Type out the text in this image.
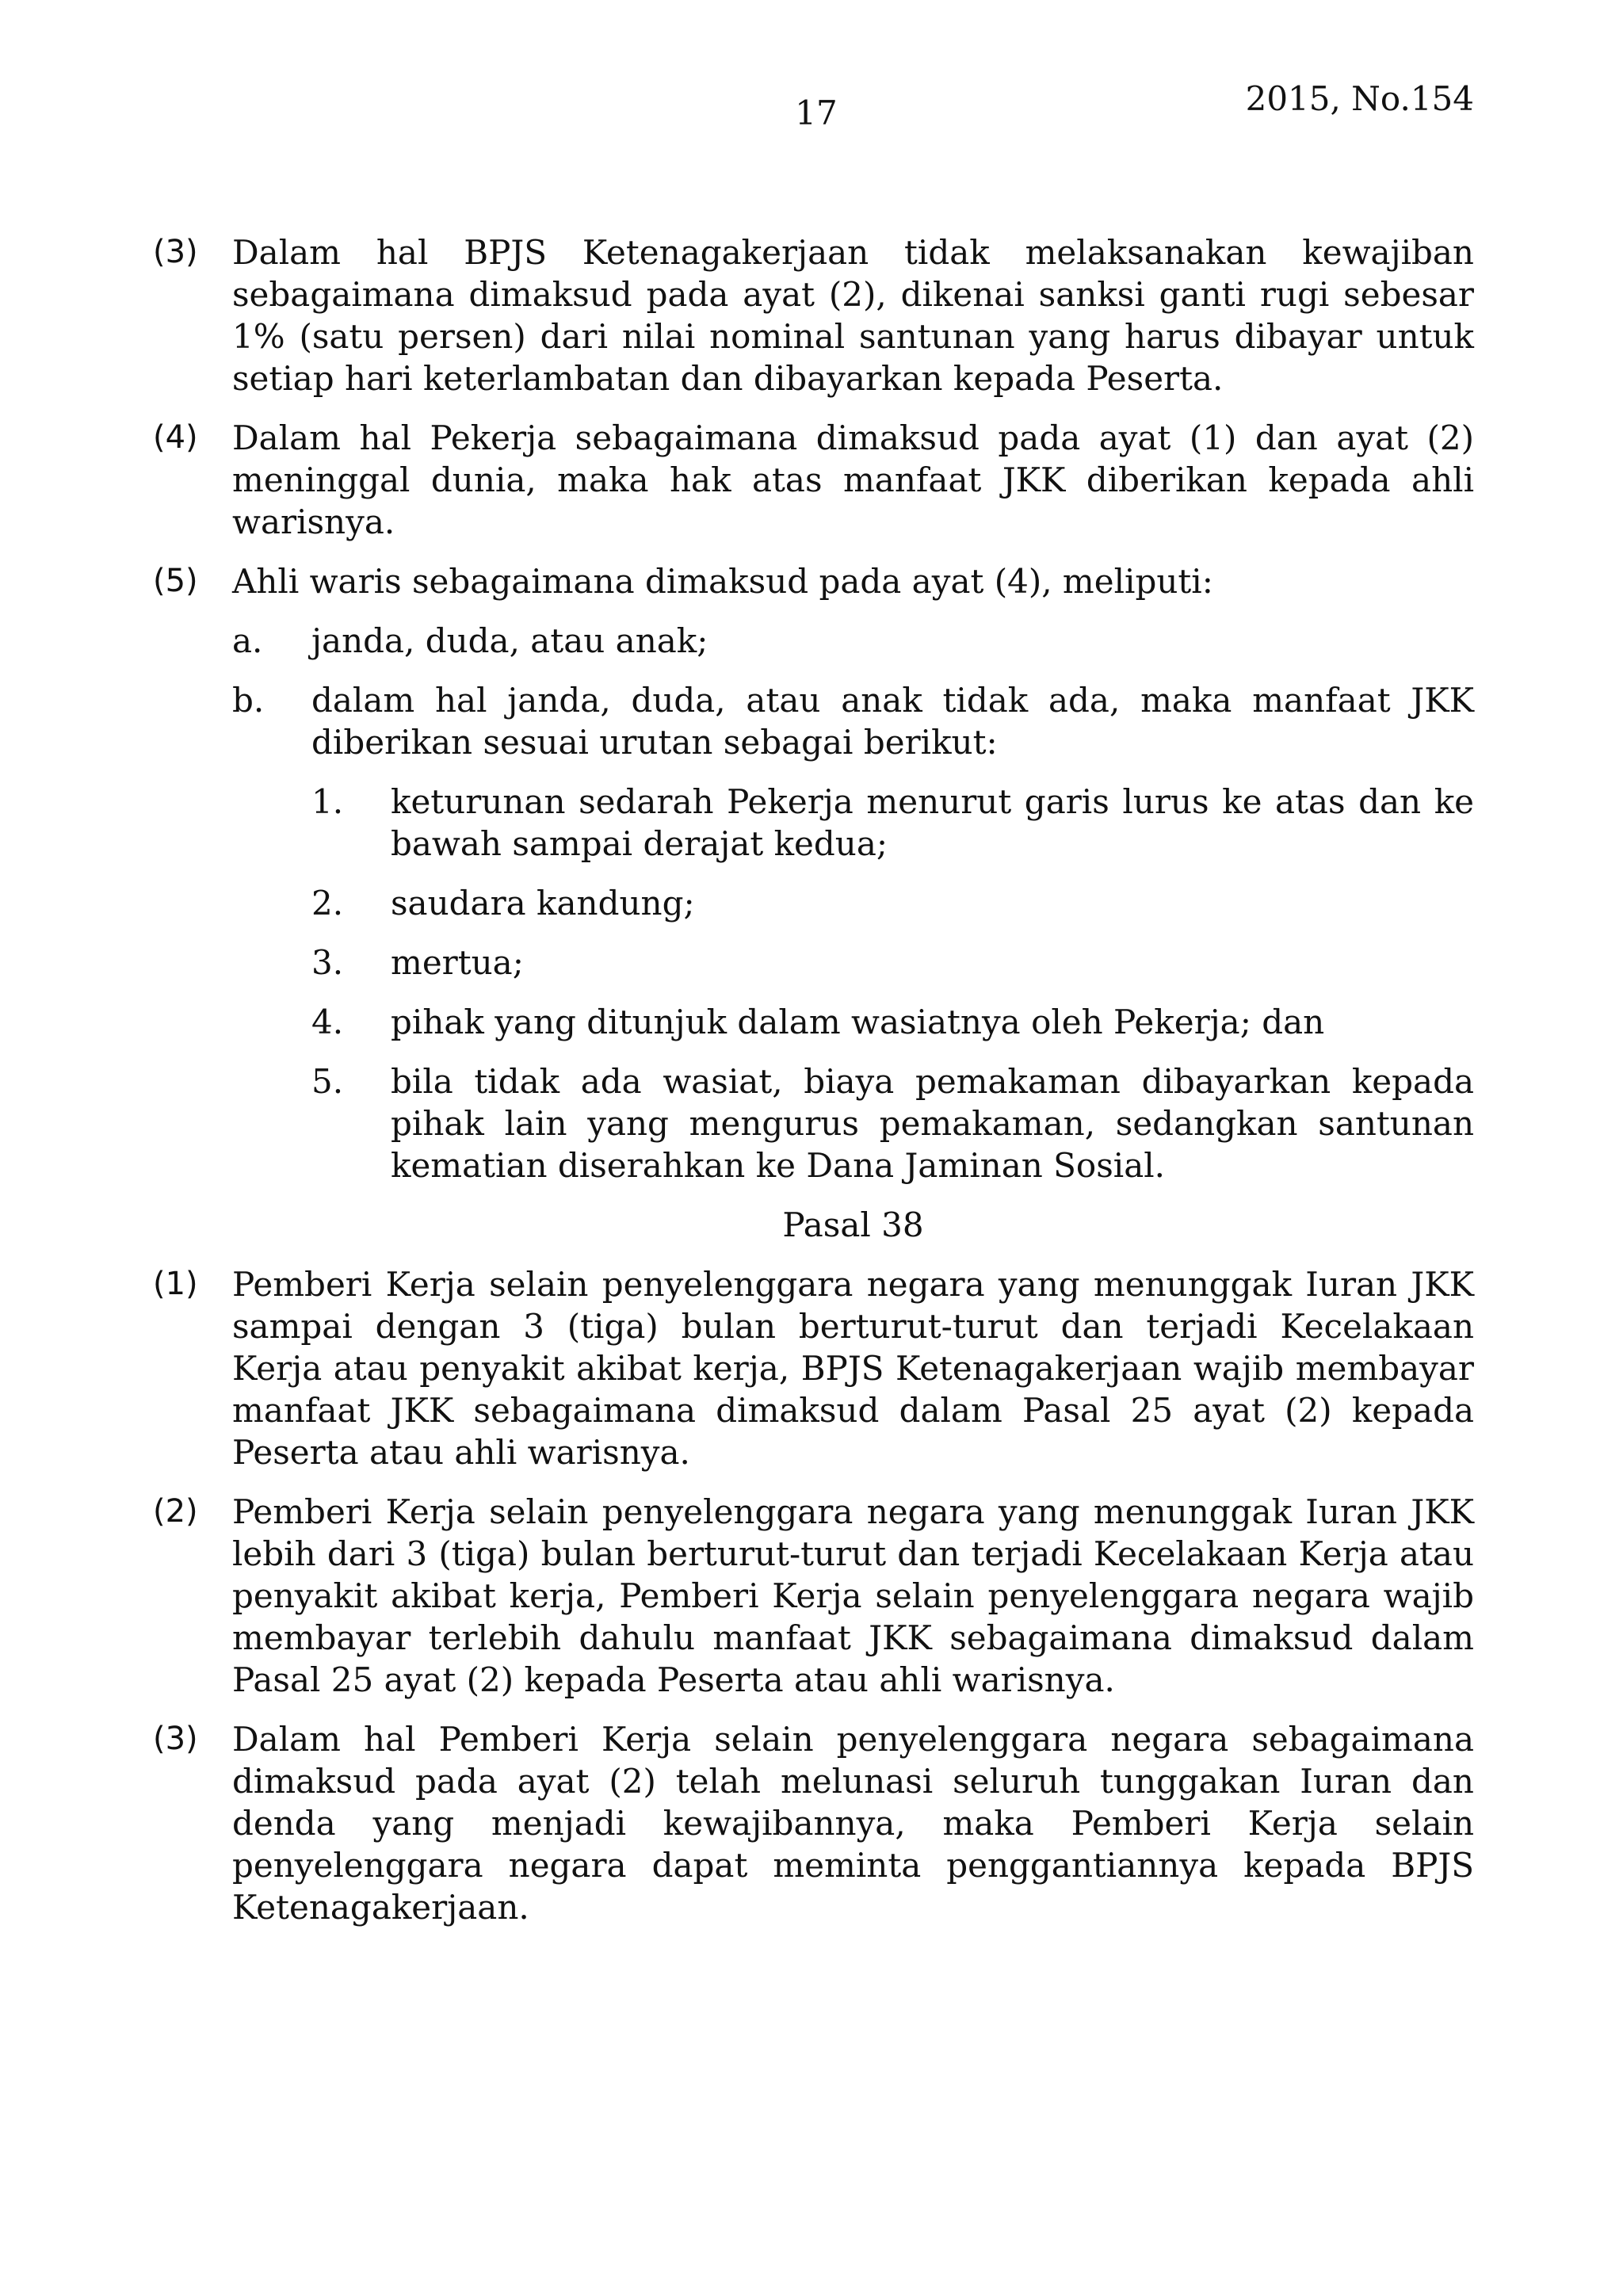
17	2015, No.154
(3)	Dalam hal BPJS Ketenagakerjaan tidak melaksanakan kewajiban sebagaimana dimaksud pada ayat (2), dikenai sanksi ganti rugi sebesar 1% (satu persen) dari nilai nominal santunan yang harus dibayar untuk setiap hari keterlambatan dan dibayarkan kepada Peserta.
(4)	Dalam hal Pekerja sebagaimana dimaksud pada ayat (1) dan ayat (2) meninggal dunia, maka hak atas manfaat JKK diberikan kepada ahli warisnya.
(5)	Ahli waris sebagaimana dimaksud pada ayat (4), meliputi:
a.	janda, duda, atau anak;
b.	dalam hal janda, duda, atau anak tidak ada, maka manfaat JKK diberikan sesuai urutan sebagai berikut:
1.	keturunan sedarah Pekerja menurut garis lurus ke atas dan ke bawah sampai derajat kedua;
2.	saudara kandung;
3.	mertua;
4.	pihak yang ditunjuk dalam wasiatnya oleh Pekerja; dan
5.	bila tidak ada wasiat, biaya pemakaman dibayarkan kepada pihak lain yang mengurus pemakaman, sedangkan santunan kematian diserahkan ke Dana Jaminan Sosial.
Pasal 38
(1)	Pemberi Kerja selain penyelenggara negara yang menunggak Iuran JKK sampai dengan 3 (tiga) bulan berturut-turut dan terjadi Kecelakaan Kerja atau penyakit akibat kerja, BPJS Ketenagakerjaan wajib membayar manfaat JKK sebagaimana dimaksud dalam Pasal 25 ayat (2) kepada Peserta atau ahli warisnya.
(2)	Pemberi Kerja selain penyelenggara negara yang menunggak Iuran JKK lebih dari 3 (tiga) bulan berturut-turut dan terjadi Kecelakaan Kerja atau penyakit akibat kerja, Pemberi Kerja selain penyelenggara negara wajib membayar terlebih dahulu manfaat JKK sebagaimana dimaksud dalam Pasal 25 ayat (2) kepada Peserta atau ahli warisnya.
(3)	Dalam hal Pemberi Kerja selain penyelenggara negara sebagaimana dimaksud pada ayat (2) telah melunasi seluruh tunggakan Iuran dan denda yang menjadi kewajibannya, maka Pemberi Kerja selain penyelenggara negara dapat meminta penggantiannya kepada BPJS Ketenagakerjaan.
